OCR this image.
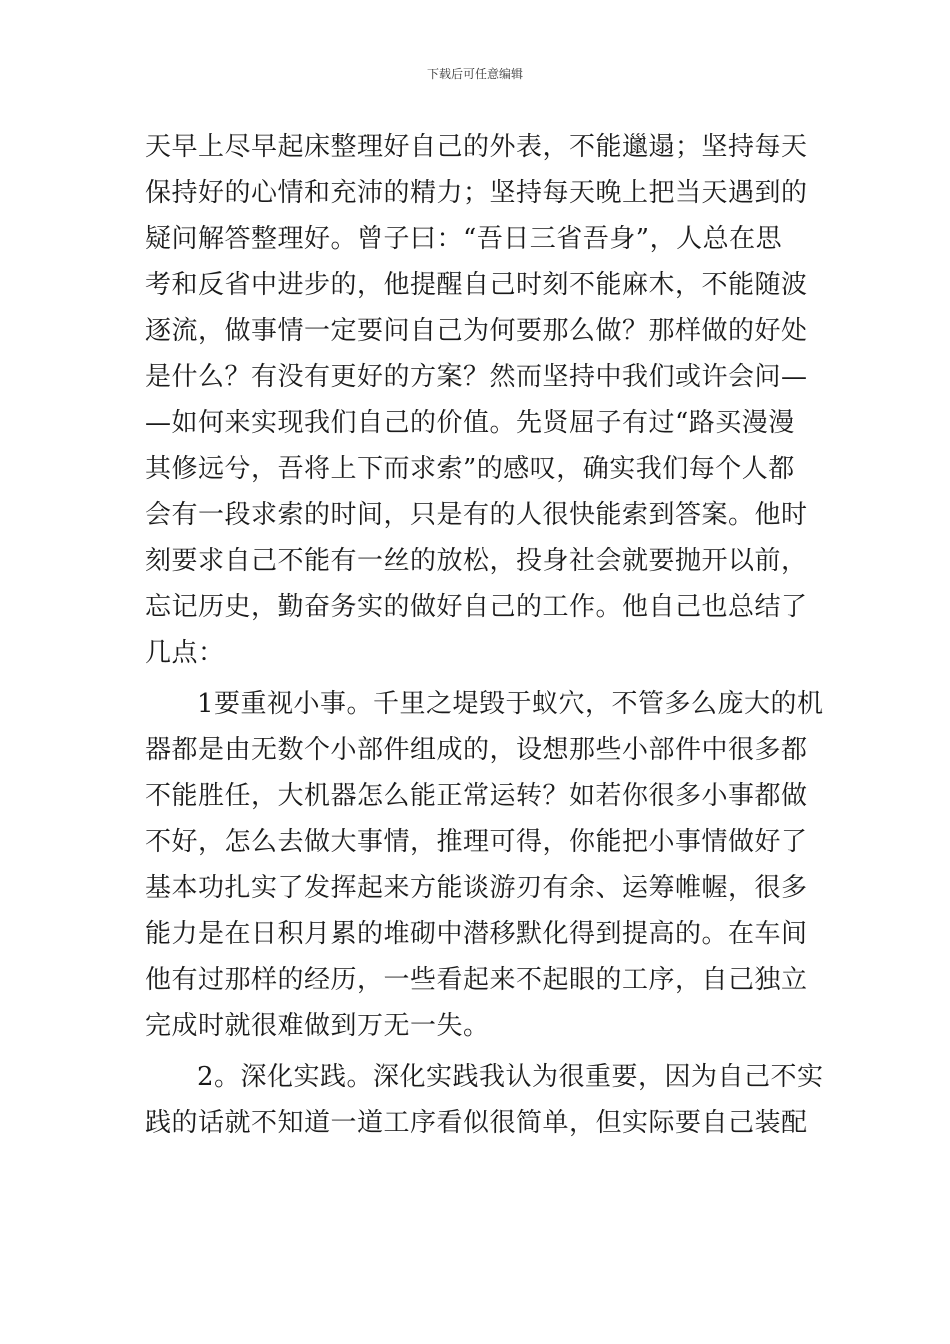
下载后可任意编辑
天早上尽早起床整理好自己的外表，不能邋遢；坚持每天
保持好的心情和充沛的精力；坚持每天晚上把当天遇到的
疑问解答整理好。曾子曰：“吾日三省吾身”，人总在思
考和反省中进步的，他提醒自己时刻不能麻木，不能随波
逐流，做事情一定要问自己为何要那么做？那样做的好处
是什么？有没有更好的方案？然而坚持中我们或许会问—
—如何来实现我们自己的价值。先贤屈子有过“路买漫漫
其修远兮，吾将上下而求索”的感叹，确实我们每个人都
会有一段求索的时间，只是有的人很快能索到答案。他时
刻要求自己不能有一丝的放松，投身社会就要抛开以前，
忘记历史，勤奋务实的做好自己的工作。他自己也总结了
几点：
1要重视小事。千里之堤毁于蚁穴，不管多么庞大的机
器都是由无数个小部件组成的，设想那些小部件中很多都
不能胜任，大机器怎么能正常运转？如若你很多小事都做
不好，怎么去做大事情，推理可得，你能把小事情做好了
基本功扎实了发挥起来方能谈游刃有余、运筹帷幄，很多
能力是在日积月累的堆砌中潜移默化得到提高的。在车间
他有过那样的经历，一些看起来不起眼的工序，自己独立
完成时就很难做到万无一失。
2。深化实践。深化实践我认为很重要，因为自己不实
践的话就不知道一道工序看似很简单，但实际要自己装配
